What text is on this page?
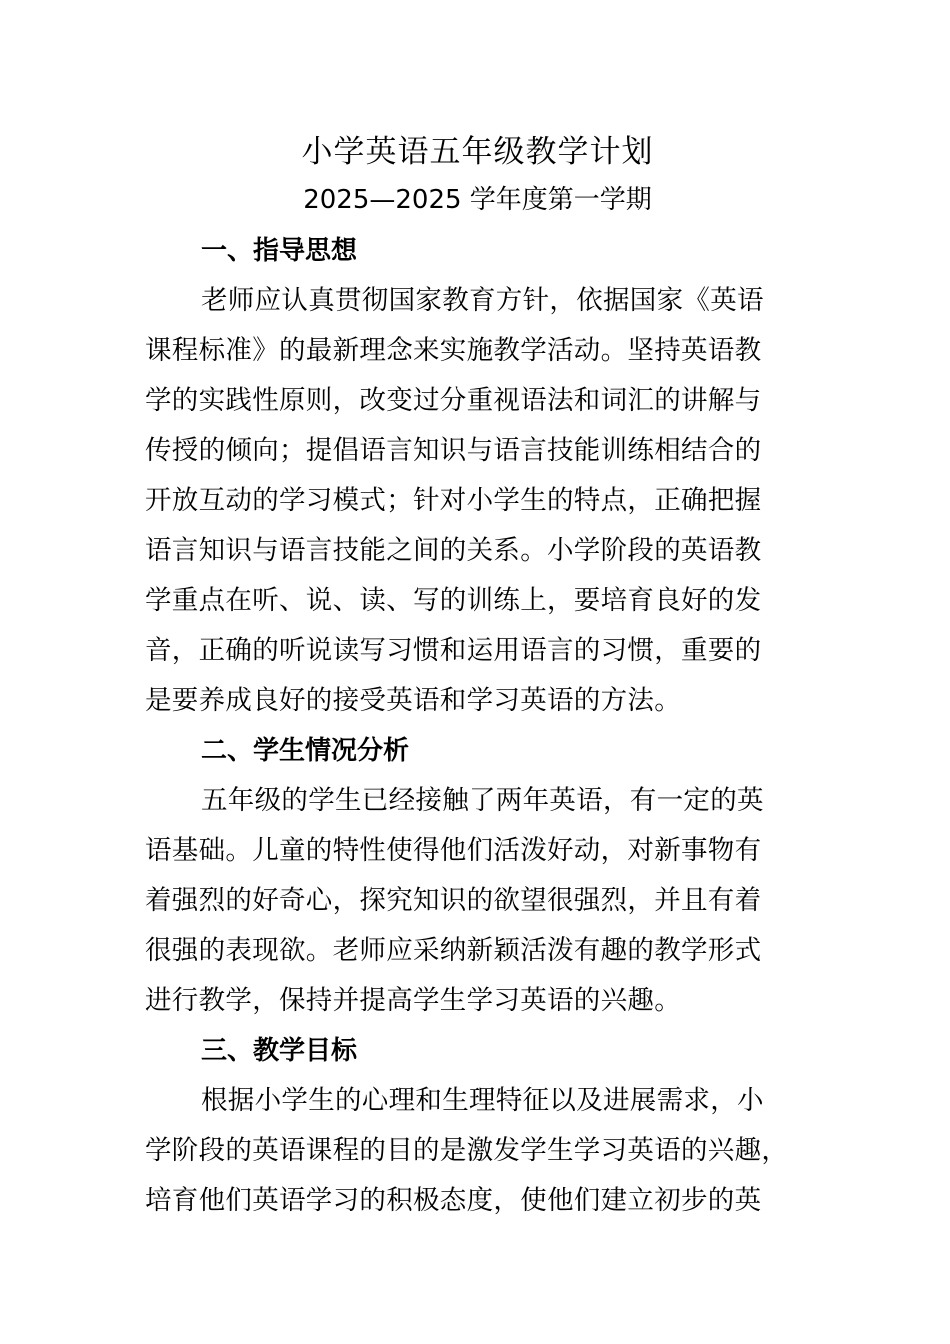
小学英语五年级教学计划
2025—2025 学年度第一学期
一、指导思想
老师应认真贯彻国家教育方针，依据国家《英语
课程标准》的最新理念来实施教学活动。坚持英语教
学的实践性原则，改变过分重视语法和词汇的讲解与
传授的倾向；提倡语言知识与语言技能训练相结合的
开放互动的学习模式；针对小学生的特点，正确把握
语言知识与语言技能之间的关系。小学阶段的英语教
学重点在听、说、读、写的训练上，要培育良好的发
音，正确的听说读写习惯和运用语言的习惯，重要的
是要养成良好的接受英语和学习英语的方法。
二、学生情况分析
五年级的学生已经接触了两年英语，有一定的英
语基础。儿童的特性使得他们活泼好动，对新事物有
着强烈的好奇心，探究知识的欲望很强烈，并且有着
很强的表现欲。老师应采纳新颖活泼有趣的教学形式
进行教学，保持并提高学生学习英语的兴趣。
三、教学目标
根据小学生的心理和生理特征以及进展需求，小
学阶段的英语课程的目的是激发学生学习英语的兴趣，
培育他们英语学习的积极态度，使他们建立初步的英
